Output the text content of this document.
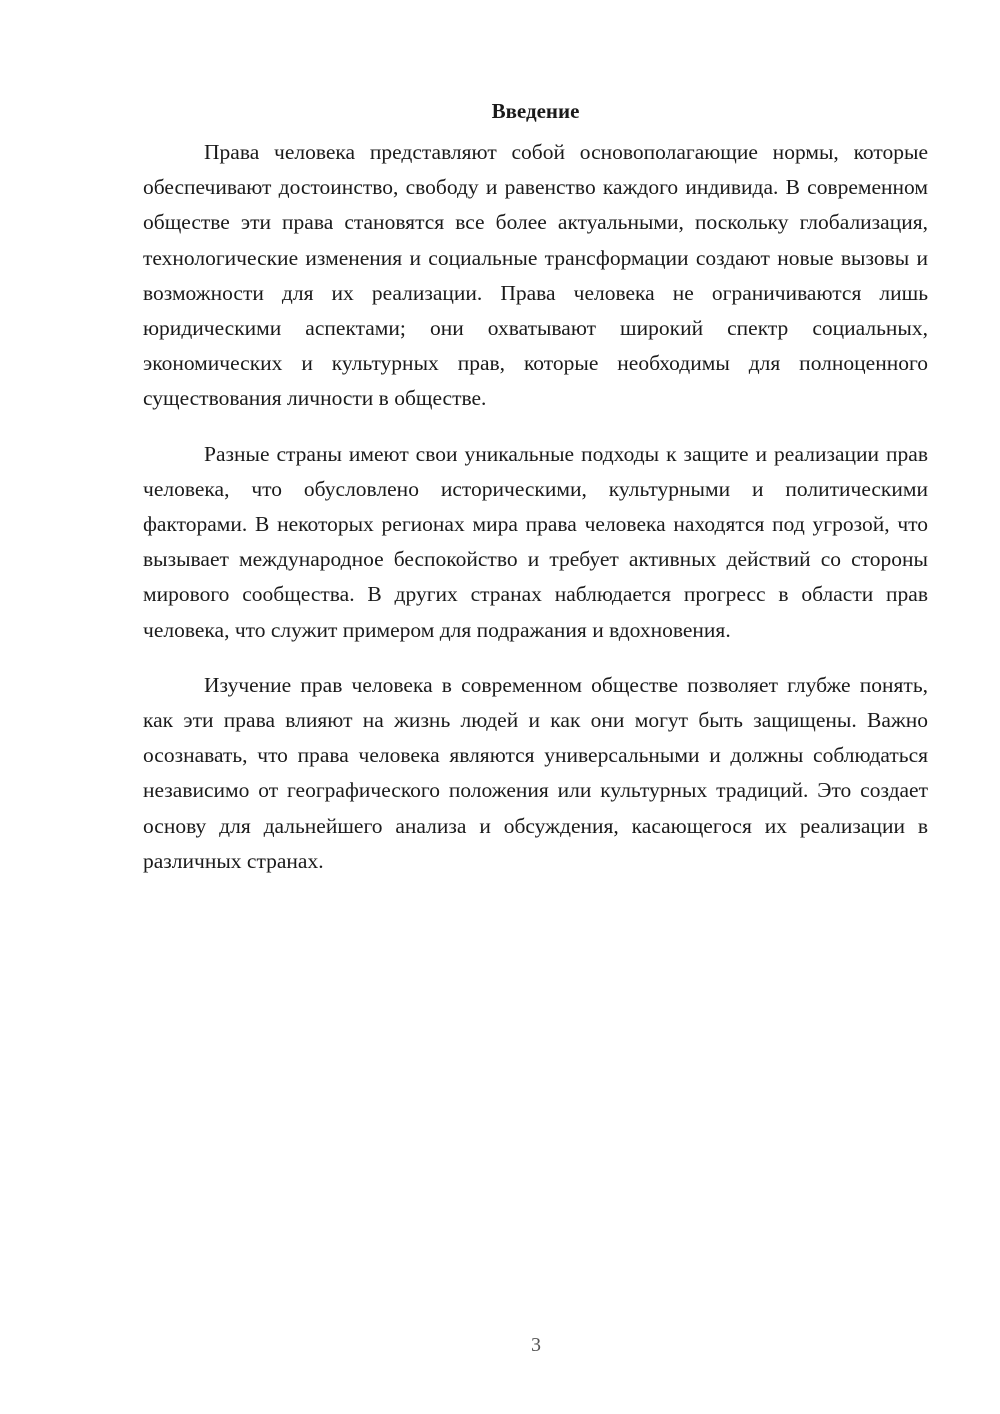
Введение

Права человека представляют собой основополагающие нормы, которые обеспечивают достоинство, свободу и равенство каждого индивида. В современном обществе эти права становятся все более актуальными, поскольку глобализация, технологические изменения и социальные трансформации создают новые вызовы и возможности для их реализации. Права человека не ограничиваются лишь юридическими аспектами; они охватывают широкий спектр социальных, экономических и культурных прав, которые необходимы для полноценного существования личности в обществе.

Разные страны имеют свои уникальные подходы к защите и реализации прав человека, что обусловлено историческими, культурными и политическими факторами. В некоторых регионах мира права человека находятся под угрозой, что вызывает международное беспокойство и требует активных действий со стороны мирового сообщества. В других странах наблюдается прогресс в области прав человека, что служит примером для подражания и вдохновения.

Изучение прав человека в современном обществе позволяет глубже понять, как эти права влияют на жизнь людей и как они могут быть защищены. Важно осознавать, что права человека являются универсальными и должны соблюдаться независимо от географического положения или культурных традиций. Это создает основу для дальнейшего анализа и обсуждения, касающегося их реализации в различных странах.

3
